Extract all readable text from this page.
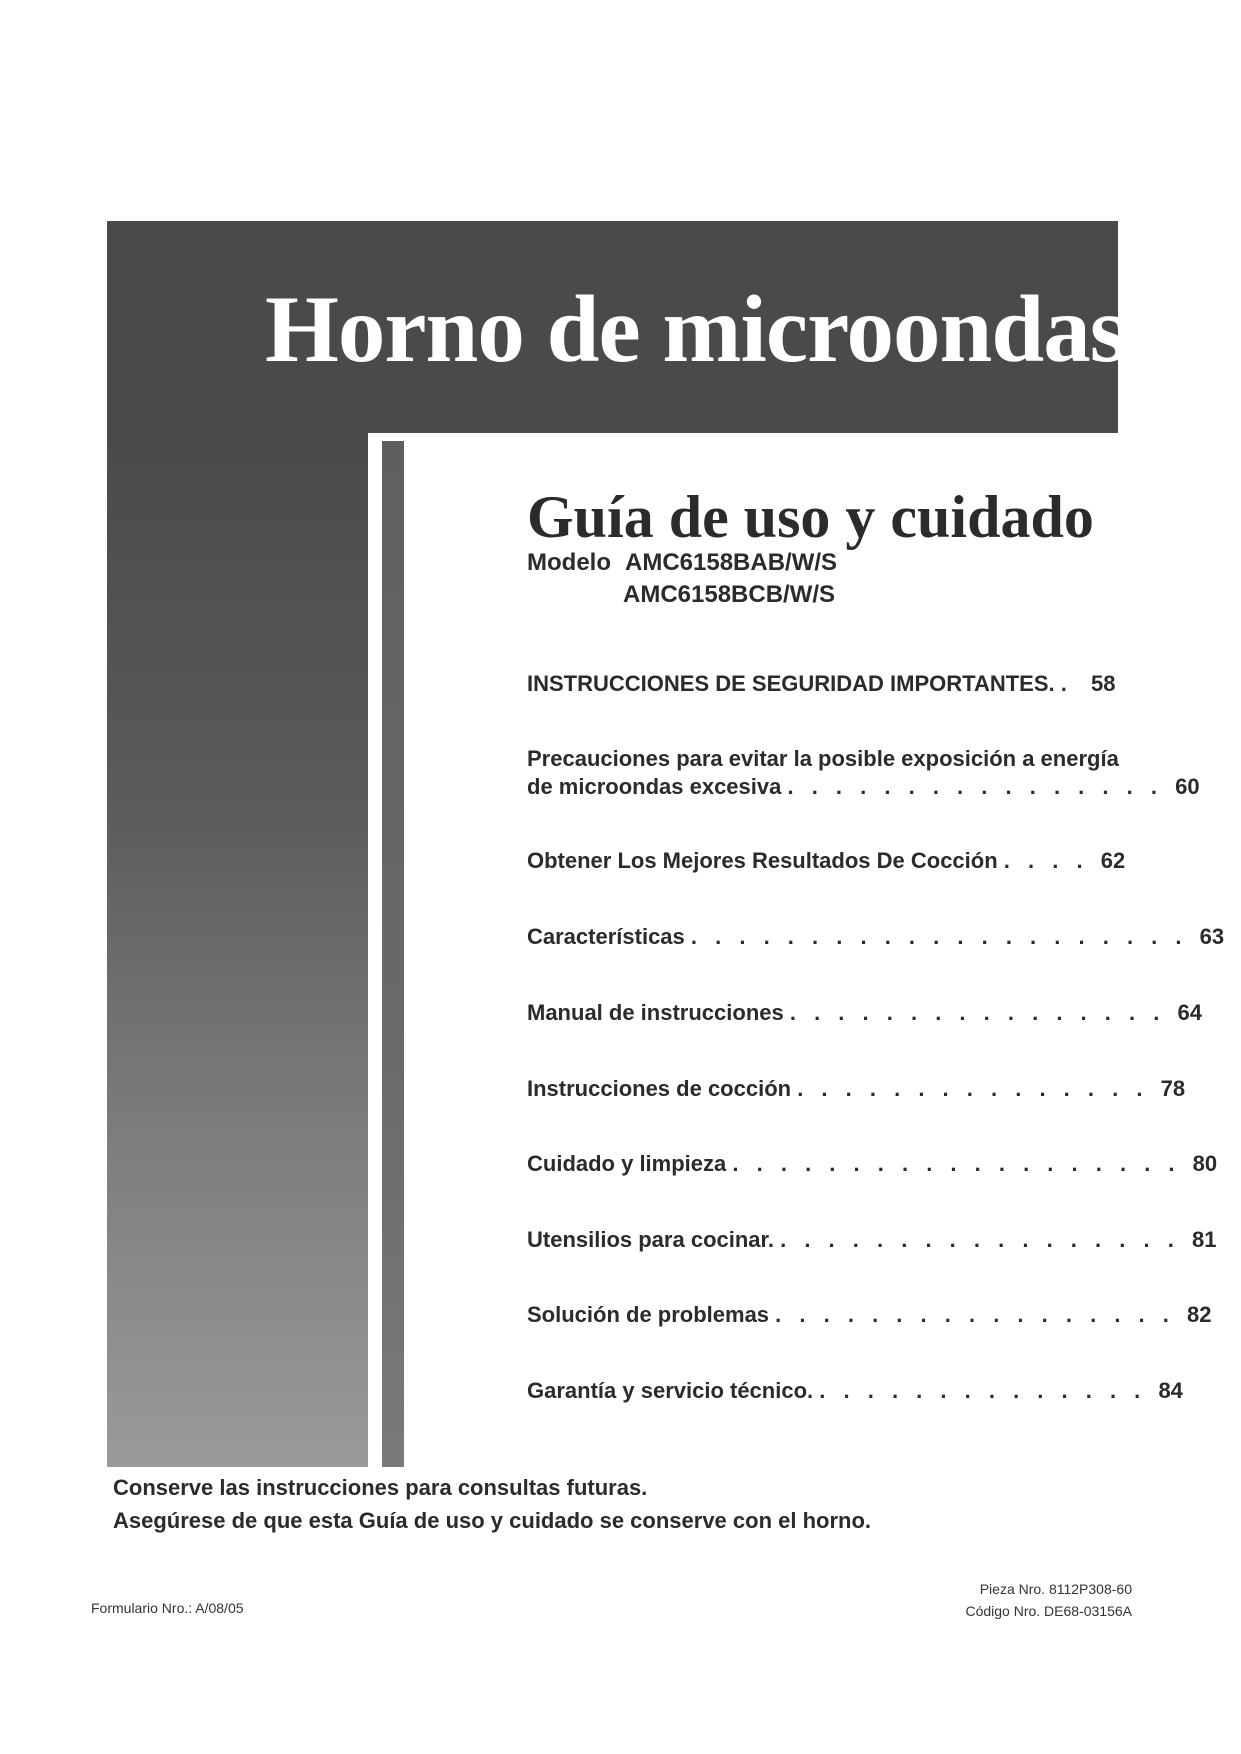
Horno de microondas
Guía de uso y cuidado
Modelo AMC6158BAB/W/S
AMC6158BCB/W/S
INSTRUCCIONES DE SEGURIDAD IMPORTANTES. . 58
Precauciones para evitar la posible exposición a energía
de microondas excesiva . . . . . . . . . . . . . . . . 60
Obtener Los Mejores Resultados De Cocción . . . . 62
Características . . . . . . . . . . . . . . . . . . . . . 63
Manual de instrucciones . . . . . . . . . . . . . . . . 64
Instrucciones de cocción . . . . . . . . . . . . . . . 78
Cuidado y limpieza . . . . . . . . . . . . . . . . . . . 80
Utensilios para cocinar. . . . . . . . . . . . . . . . . . 81
Solución de problemas . . . . . . . . . . . . . . . . . 82
Garantía y servicio técnico. . . . . . . . . . . . . . . 84
Conserve las instrucciones para consultas futuras.
Asegúrese de que esta Guía de uso y cuidado se conserve con el horno.
Formulario Nro.: A/08/05
Pieza Nro. 8112P308-60
Código Nro. DE68-03156A
